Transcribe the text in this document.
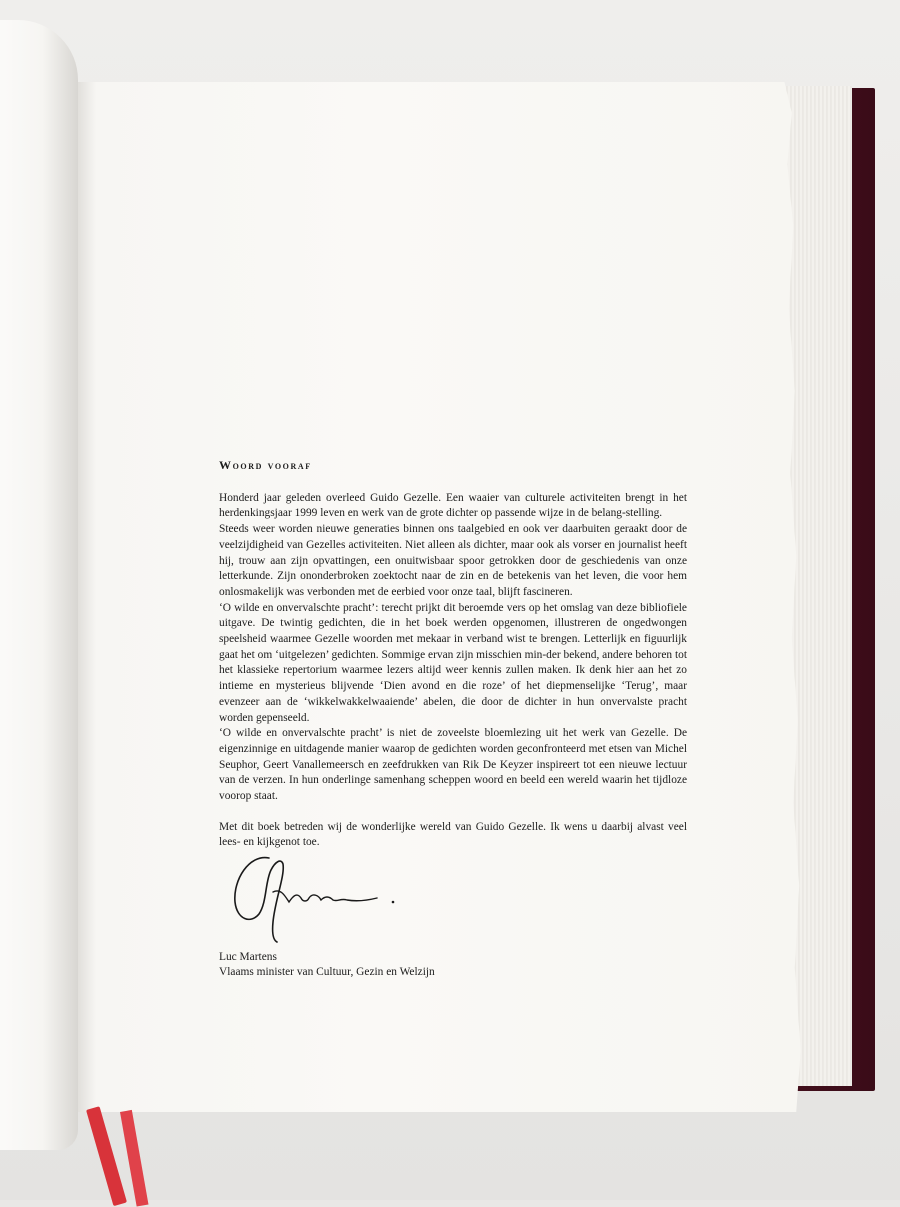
Woord vooraf

Honderd jaar geleden overleed Guido Gezelle. Een waaier van culturele activiteiten brengt in het herdenkingsjaar 1999 leven en werk van de grote dichter op passende wijze in de belang-stelling.

Steeds weer worden nieuwe generaties binnen ons taalgebied en ook ver daarbuiten geraakt door de veelzijdigheid van Gezelles activiteiten. Niet alleen als dichter, maar ook als vorser en journalist heeft hij, trouw aan zijn opvattingen, een onuitwisbaar spoor getrokken door de geschiedenis van onze letterkunde. Zijn ononderbroken zoektocht naar de zin en de betekenis van het leven, die voor hem onlosmakelijk was verbonden met de eerbied voor onze taal, blijft fascineren.

‘O wilde en onvervalschte pracht’: terecht prijkt dit beroemde vers op het omslag van deze bibliofiele uitgave. De twintig gedichten, die in het boek werden opgenomen, illustreren de ongedwongen speelsheid waarmee Gezelle woorden met mekaar in verband wist te brengen. Letterlijk en figuurlijk gaat het om ‘uitgelezen’ gedichten. Sommige ervan zijn misschien min-der bekend, andere behoren tot het klassieke repertorium waarmee lezers altijd weer kennis zullen maken. Ik denk hier aan het zo intieme en mysterieus blijvende ‘Dien avond en die roze’ of het diepmenselijke ‘Terug’, maar evenzeer aan de ‘wikkelwakkelwaaiende’ abelen, die door de dichter in hun onvervalste pracht worden gepenseeld.

‘O wilde en onvervalschte pracht’ is niet de zoveelste bloemlezing uit het werk van Gezelle. De eigenzinnige en uitdagende manier waarop de gedichten worden geconfronteerd met etsen van Michel Seuphor, Geert Vanallemeersch en zeefdrukken van Rik De Keyzer inspireert tot een nieuwe lectuur van de verzen. In hun onderlinge samenhang scheppen woord en beeld een wereld waarin het tijdloze voorop staat.

Met dit boek betreden wij de wonderlijke wereld van Guido Gezelle. Ik wens u daarbij alvast veel lees- en kijkgenot toe.

Luc Martens
Vlaams minister van Cultuur, Gezin en Welzijn
